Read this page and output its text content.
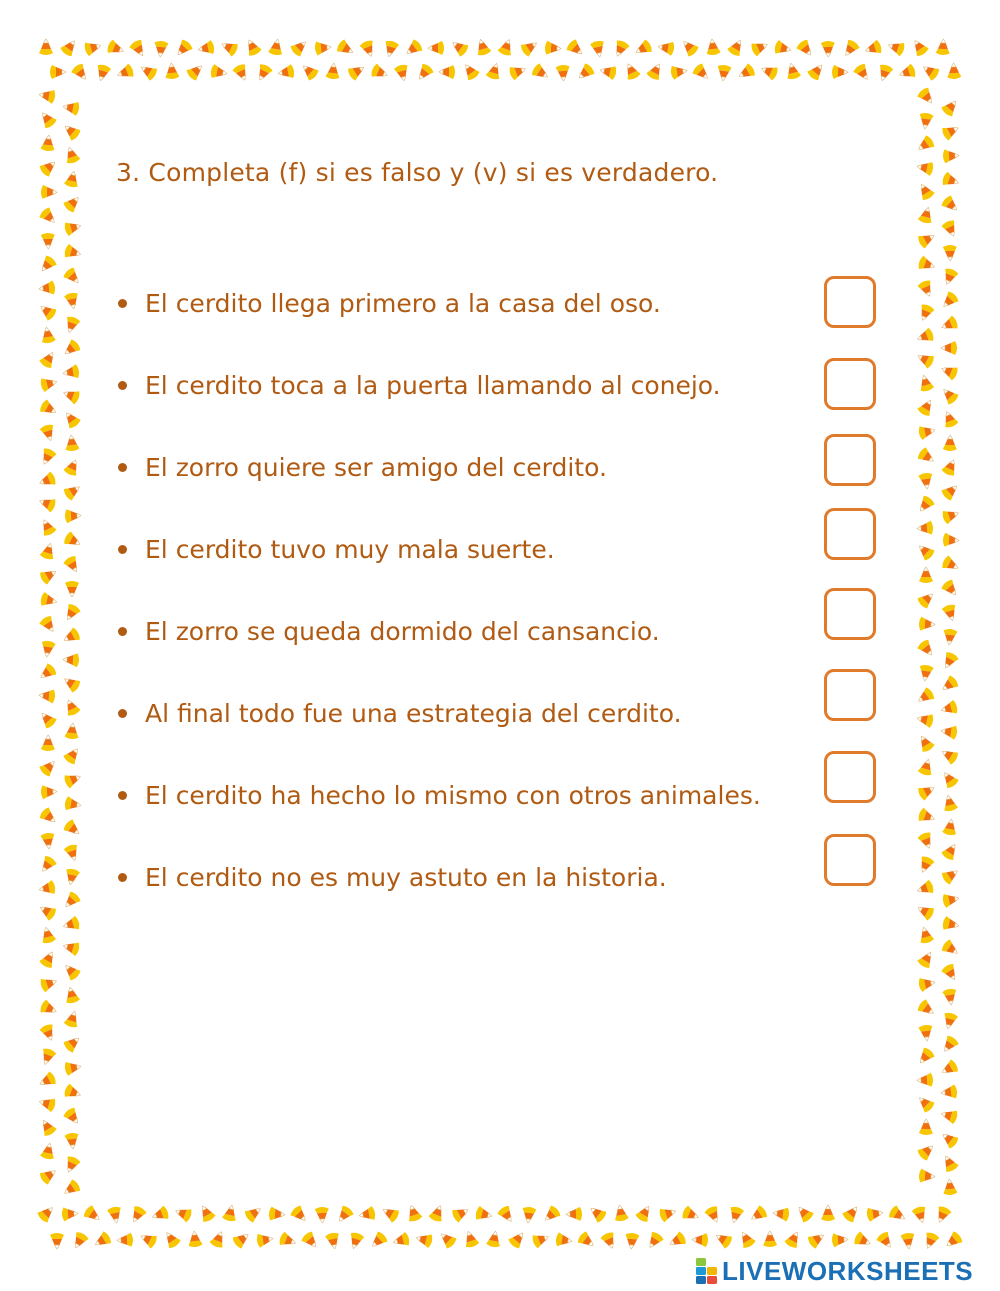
3. Completa (f) si es falso y (v) si es verdadero.
El cerdito llega primero a la casa del oso.
El cerdito toca a la puerta llamando al conejo.
El zorro quiere ser amigo del cerdito.
El cerdito tuvo muy mala suerte.
El zorro se queda dormido del cansancio.
Al final todo fue una estrategia del cerdito.
El cerdito ha hecho lo mismo con otros animales.
El cerdito no es muy astuto en la historia.
LIVEWORKSHEETS
